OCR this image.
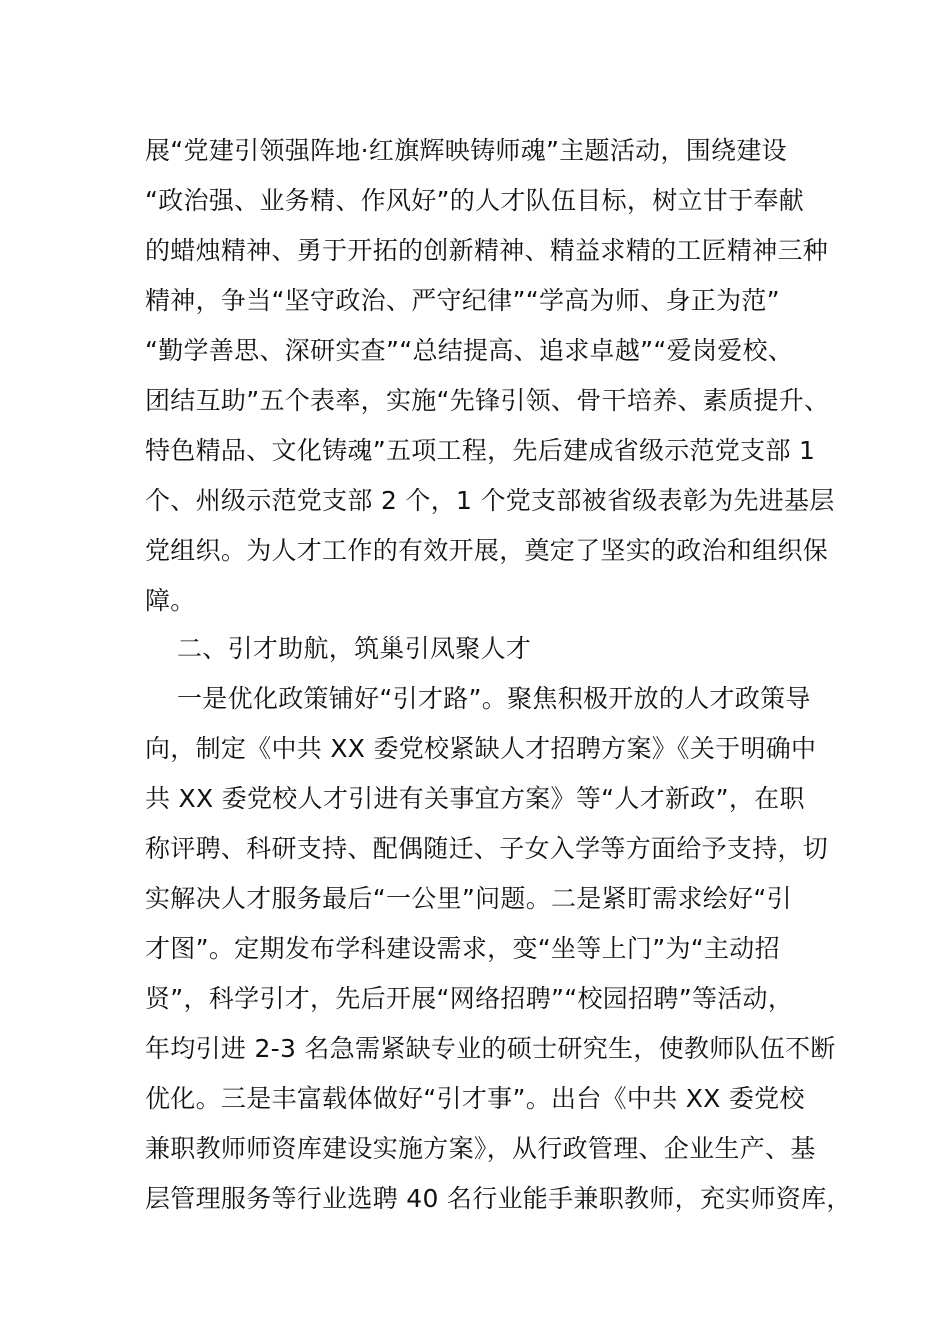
展“党建引领强阵地·红旗辉映铸师魂”主题活动，围绕建设
“政治强、业务精、作风好”的人才队伍目标，树立甘于奉献
的蜡烛精神、勇于开拓的创新精神、精益求精的工匠精神三种
精神，争当“坚守政治、严守纪律”“学高为师、身正为范”
“勤学善思、深研实查”“总结提高、追求卓越”“爱岗爱校、
团结互助”五个表率，实施“先锋引领、骨干培养、素质提升、
特色精品、文化铸魂”五项工程，先后建成省级示范党支部 1
个、州级示范党支部 2 个，1 个党支部被省级表彰为先进基层
党组织。为人才工作的有效开展，奠定了坚实的政治和组织保
障。
二、引才助航，筑巢引凤聚人才
一是优化政策铺好“引才路”。聚焦积极开放的人才政策导
向，制定《中共 XX 委党校紧缺人才招聘方案》《关于明确中
共 XX 委党校人才引进有关事宜方案》等“人才新政”，在职
称评聘、科研支持、配偶随迁、子女入学等方面给予支持，切
实解决人才服务最后“一公里”问题。二是紧盯需求绘好“引
才图”。定期发布学科建设需求，变“坐等上门”为“主动招
贤”，科学引才，先后开展“网络招聘”“校园招聘”等活动，
年均引进 2-3 名急需紧缺专业的硕士研究生，使教师队伍不断
优化。三是丰富载体做好“引才事”。出台《中共 XX 委党校
兼职教师师资库建设实施方案》，从行政管理、企业生产、基
层管理服务等行业选聘 40 名行业能手兼职教师，充实师资库，
